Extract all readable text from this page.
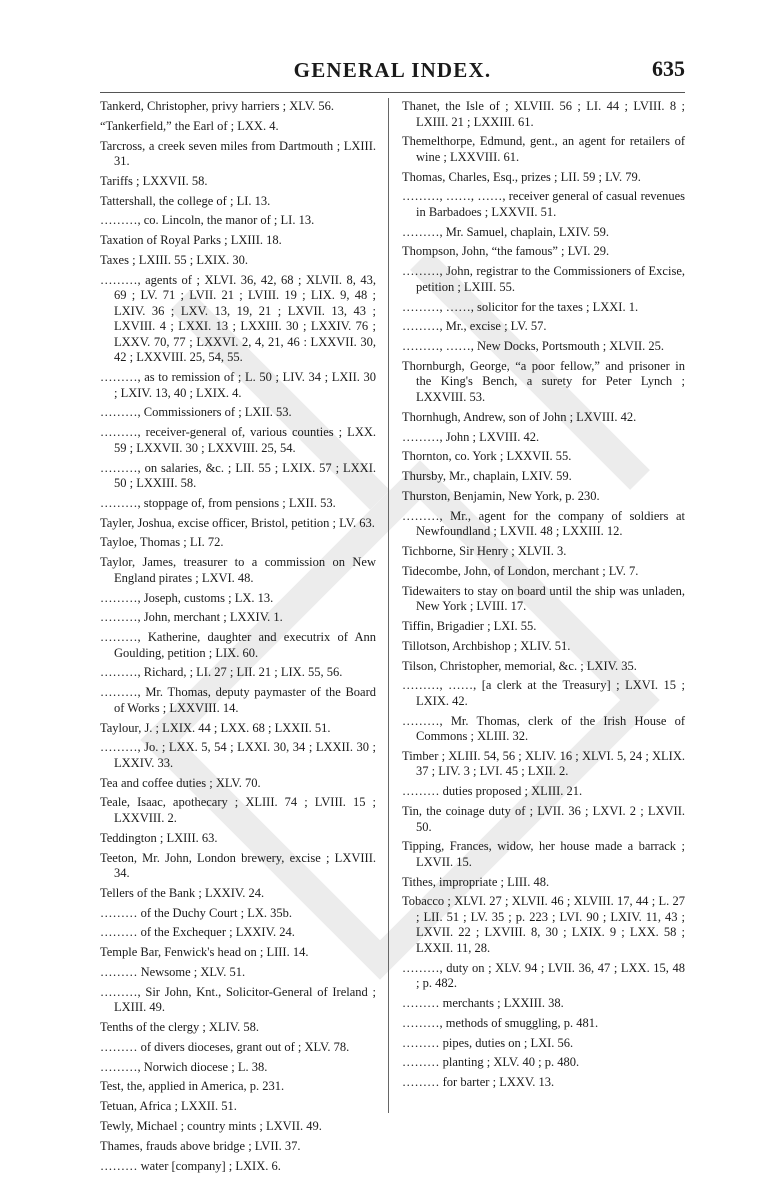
GENERAL INDEX.	635

Tankerd, Christopher, privy harriers ; XLV. 56.

“Tankerfield,” the Earl of ; LXX. 4.

Tarcross, a creek seven miles from Dartmouth ; LXIII. 31.

Tariffs ; LXXVII. 58.

Tattershall, the college of ; LI. 13.

………, co. Lincoln, the manor of ; LI. 13.

Taxation of Royal Parks ; LXIII. 18.

Taxes ; LXIII. 55 ; LXIX. 30.

………, agents of ; XLVI. 36, 42, 68 ; XLVII. 8, 43, 69 ; LV. 71 ; LVII. 21 ; LVIII. 19 ; LIX. 9, 48 ; LXIV. 36 ; LXV. 13, 19, 21 ; LXVII. 13, 43 ; LXVIII. 4 ; LXXI. 13 ; LXXIII. 30 ; LXXIV. 76 ; LXXV. 70, 77 ; LXXVI. 2, 4, 21, 46 : LXXVII. 30, 42 ; LXXVIII. 25, 54, 55.

………, as to remission of ; L. 50 ; LIV. 34 ; LXII. 30 ; LXIV. 13, 40 ; LXIX. 4.

………, Commissioners of ; LXII. 53.

………, receiver-general of, various counties ; LXX. 59 ; LXXVII. 30 ; LXXVIII. 25, 54.

………, on salaries, &c. ; LII. 55 ; LXIX. 57 ; LXXI. 50 ; LXXIII. 58.

………, stoppage of, from pensions ; LXII. 53.

Tayler, Joshua, excise officer, Bristol, petition ; LV. 63.

Tayloe, Thomas ; LI. 72.

Taylor, James, treasurer to a commission on New England pirates ; LXVI. 48.

………, Joseph, customs ; LX. 13.

………, John, merchant ; LXXIV. 1.

………, Katherine, daughter and executrix of Ann Goulding, petition ; LIX. 60.

………, Richard, ; LI. 27 ; LII. 21 ; LIX. 55, 56.

………, Mr. Thomas, deputy paymaster of the Board of Works ; LXXVIII. 14.

Taylour, J. ; LXIX. 44 ; LXX. 68 ; LXXII. 51.

………, Jo. ; LXX. 5, 54 ; LXXI. 30, 34 ; LXXII. 30 ; LXXIV. 33.

Tea and coffee duties ; XLV. 70.

Teale, Isaac, apothecary ; XLIII. 74 ; LVIII. 15 ; LXXVIII. 2.

Teddington ; LXIII. 63.

Teeton, Mr. John, London brewery, excise ; LXVIII. 34.

Tellers of the Bank ; LXXIV. 24.

……… of the Duchy Court ; LX. 35b.

……… of the Exchequer ; LXXIV. 24.

Temple Bar, Fenwick's head on ; LIII. 14.

……… Newsome ; XLV. 51.

………, Sir John, Knt., Solicitor-General of Ireland ; LXIII. 49.

Tenths of the clergy ; XLIV. 58.

……… of divers dioceses, grant out of ; XLV. 78.

………, Norwich diocese ; L. 38.

Test, the, applied in America, p. 231.

Tetuan, Africa ; LXXII. 51.

Tewly, Michael ; country mints ; LXVII. 49.

Thames, frauds above bridge ; LVII. 37.

……… water [company] ; LXIX. 6.

Thanet, the Isle of ; XLVIII. 56 ; LI. 44 ; LVIII. 8 ; LXIII. 21 ; LXXIII. 61.

Themelthorpe, Edmund, gent., an agent for retailers of wine ; LXXVIII. 61.

Thomas, Charles, Esq., prizes ; LII. 59 ; LV. 79.

………, ……, ……, receiver general of casual revenues in Barbadoes ; LXXVII. 51.

………, Mr. Samuel, chaplain, LXIV. 59.

Thompson, John, “the famous” ; LVI. 29.

………, John, registrar to the Commissioners of Excise, petition ; LXIII. 55.

………, ……, solicitor for the taxes ; LXXI. 1.

………, Mr., excise ; LV. 57.

………, ……, New Docks, Portsmouth ; XLVII. 25.

Thornburgh, George, “a poor fellow,” and prisoner in the King's Bench, a surety for Peter Lynch ; LXXVIII. 53.

Thornhugh, Andrew, son of John ; LXVIII. 42.

………, John ; LXVIII. 42.

Thornton, co. York ; LXXVII. 55.

Thursby, Mr., chaplain, LXIV. 59.

Thurston, Benjamin, New York, p. 230.

………, Mr., agent for the company of soldiers at Newfoundland ; LXVII. 48 ; LXXIII. 12.

Tichborne, Sir Henry ; XLVII. 3.

Tidecombe, John, of London, merchant ; LV. 7.

Tidewaiters to stay on board until the ship was unladen, New York ; LVIII. 17.

Tiffin, Brigadier ; LXI. 55.

Tillotson, Archbishop ; XLIV. 51.

Tilson, Christopher, memorial, &c. ; LXIV. 35.

………, ……, [a clerk at the Treasury] ; LXVI. 15 ; LXIX. 42.

………, Mr. Thomas, clerk of the Irish House of Commons ; XLIII. 32.

Timber ; XLIII. 54, 56 ; XLIV. 16 ; XLVI. 5, 24 ; XLIX. 37 ; LIV. 3 ; LVI. 45 ; LXII. 2.

……… duties proposed ; XLIII. 21.

Tin, the coinage duty of ; LVII. 36 ; LXVI. 2 ; LXVII. 50.

Tipping, Frances, widow, her house made a barrack ; LXVII. 15.

Tithes, impropriate ; LIII. 48.

Tobacco ; XLVI. 27 ; XLVII. 46 ; XLVIII. 17, 44 ; L. 27 ; LII. 51 ; LV. 35 ; p. 223 ; LVI. 90 ; LXIV. 11, 43 ; LXVII. 22 ; LXVIII. 8, 30 ; LXIX. 9 ; LXX. 58 ; LXXII. 11, 28.

………, duty on ; XLV. 94 ; LVII. 36, 47 ; LXX. 15, 48 ; p. 482.

……… merchants ; LXXIII. 38.

………, methods of smuggling, p. 481.

……… pipes, duties on ; LXI. 56.

……… planting ; XLV. 40 ; p. 480.

……… for barter ; LXXV. 13.
